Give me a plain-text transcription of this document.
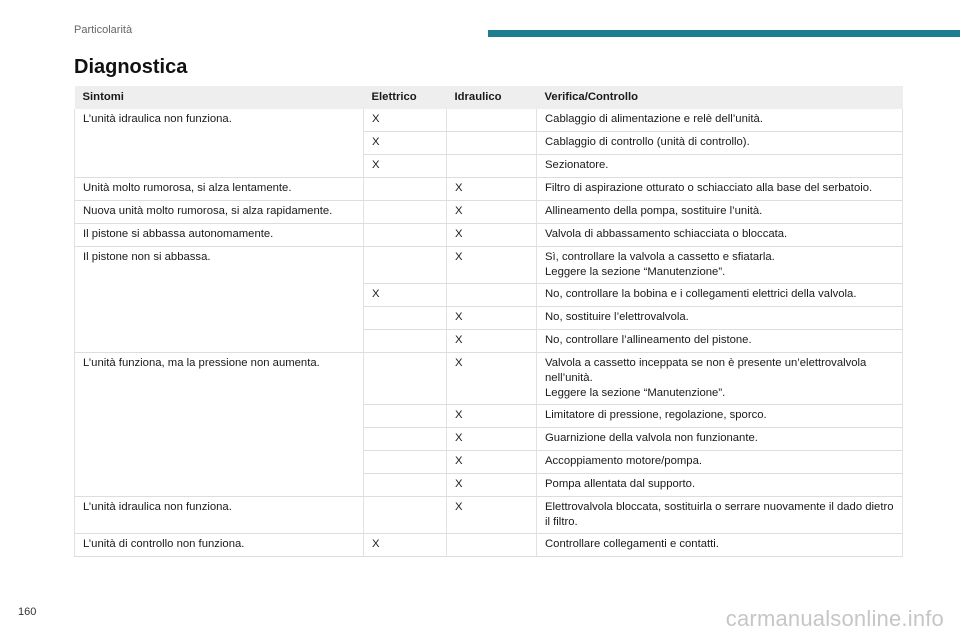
Particolarità
Diagnostica
Sintomi	Elettrico	Idraulico	Verifica/Controllo
L’unità idraulica non funziona.	X		Cablaggio di alimentazione e relè dell’unità.

	X		Cablaggio di controllo (unità di controllo).

	X		Sezionatore.

Unità molto rumorosa, si alza lentamente.		X	Filtro di aspirazione otturato o schiacciato alla base del serbatoio.

Nuova unità molto rumorosa, si alza rapidamente.		X	Allineamento della pompa, sostituire l’unità.

Il pistone si abbassa autonomamente.		X	Valvola di abbassamento schiacciata o bloccata.

Il pistone non si abbassa.		X	Sì, controllare la valvola a cassetto e sfiatarla.
Leggere la sezione “Manutenzione”.

	X		No, controllare la bobina e i collegamenti elettrici della valvola.

		X	No, sostituire l’elettrovalvola.

		X	No, controllare l’allineamento del pistone.

L’unità funziona, ma la pressione non aumenta.		X	Valvola a cassetto inceppata se non è presente un’elettrovalvola nell’unità.
Leggere la sezione “Manutenzione”.

		X	Limitatore di pressione, regolazione, sporco.

		X	Guarnizione della valvola non funzionante.

		X	Accoppiamento motore/pompa.

		X	Pompa allentata dal supporto.

L’unità idraulica non funziona.		X	Elettrovalvola bloccata, sostituirla o serrare nuovamente il dado dietro il filtro.

L’unità di controllo non funziona.	X		Controllare collegamenti e contatti.
160	carmanualsonline.info
